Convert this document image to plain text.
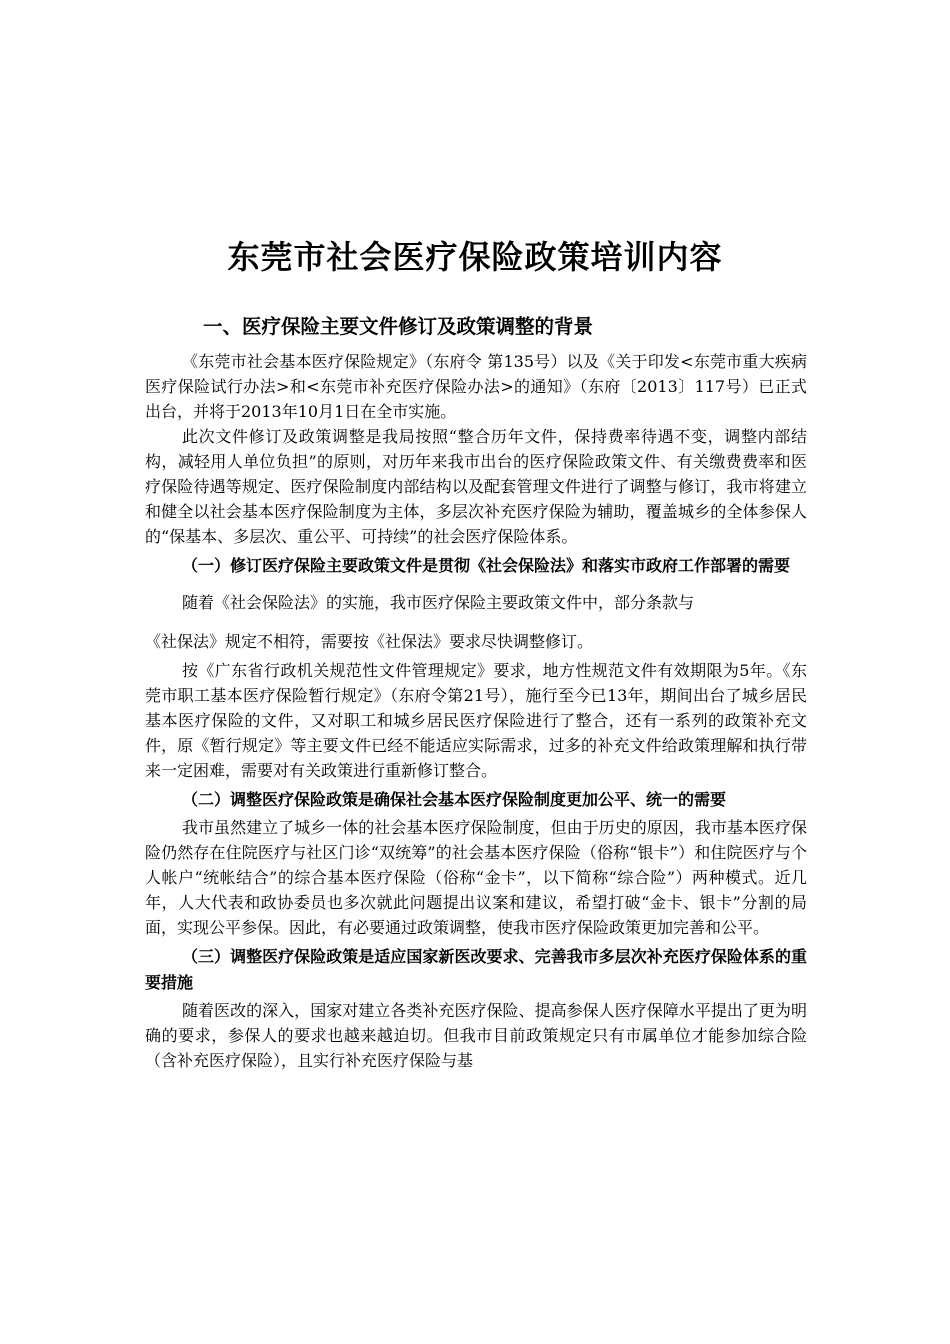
东莞市社会医疗保险政策培训内容
一、医疗保险主要文件修订及政策调整的背景

《东莞市社会基本医疗保险规定》（东府令 第135号）以及《关于印发<东莞市重大疾病医疗保险试行办法>和<东莞市补充医疗保险办法>的通知》（东府〔2013〕117号）已正式出台，并将于2013年10月1日在全市实施。

此次文件修订及政策调整是我局按照“整合历年文件，保持费率待遇不变，调整内部结构，减轻用人单位负担”的原则，对历年来我市出台的医疗保险政策文件、有关缴费费率和医疗保险待遇等规定、医疗保险制度内部结构以及配套管理文件进行了调整与修订，我市将建立和健全以社会基本医疗保险制度为主体，多层次补充医疗保险为辅助，覆盖城乡的全体参保人的“保基本、多层次、重公平、可持续”的社会医疗保险体系。

（一）修订医疗保险主要政策文件是贯彻《社会保险法》和落实市政府工作部署的需要

随着《社会保险法》的实施，我市医疗保险主要政策文件中，部分条款与

《社保法》规定不相符，需要按《社保法》要求尽快调整修订。

按《广东省行政机关规范性文件管理规定》要求，地方性规范文件有效期限为5年。《东莞市职工基本医疗保险暂行规定》（东府令第21号），施行至今已13年，期间出台了城乡居民基本医疗保险的文件，又对职工和城乡居民医疗保险进行了整合，还有一系列的政策补充文件，原《暂行规定》等主要文件已经不能适应实际需求，过多的补充文件给政策理解和执行带来一定困难，需要对有关政策进行重新修订整合。

（二）调整医疗保险政策是确保社会基本医疗保险制度更加公平、统一的需要

我市虽然建立了城乡一体的社会基本医疗保险制度，但由于历史的原因，我市基本医疗保险仍然存在住院医疗与社区门诊“双统筹”的社会基本医疗保险（俗称“银卡”）和住院医疗与个人帐户“统帐结合”的综合基本医疗保险（俗称“金卡”，以下简称“综合险”）两种模式。近几年，人大代表和政协委员也多次就此问题提出议案和建议，希望打破“金卡、银卡”分割的局面，实现公平参保。因此，有必要通过政策调整，使我市医疗保险政策更加完善和公平。

（三）调整医疗保险政策是适应国家新医改要求、完善我市多层次补充医疗保险体系的重要措施

随着医改的深入，国家对建立各类补充医疗保险、提高参保人医疗保障水平提出了更为明确的要求，参保人的要求也越来越迫切。但我市目前政策规定只有市属单位才能参加综合险（含补充医疗保险），且实行补充医疗保险与基
